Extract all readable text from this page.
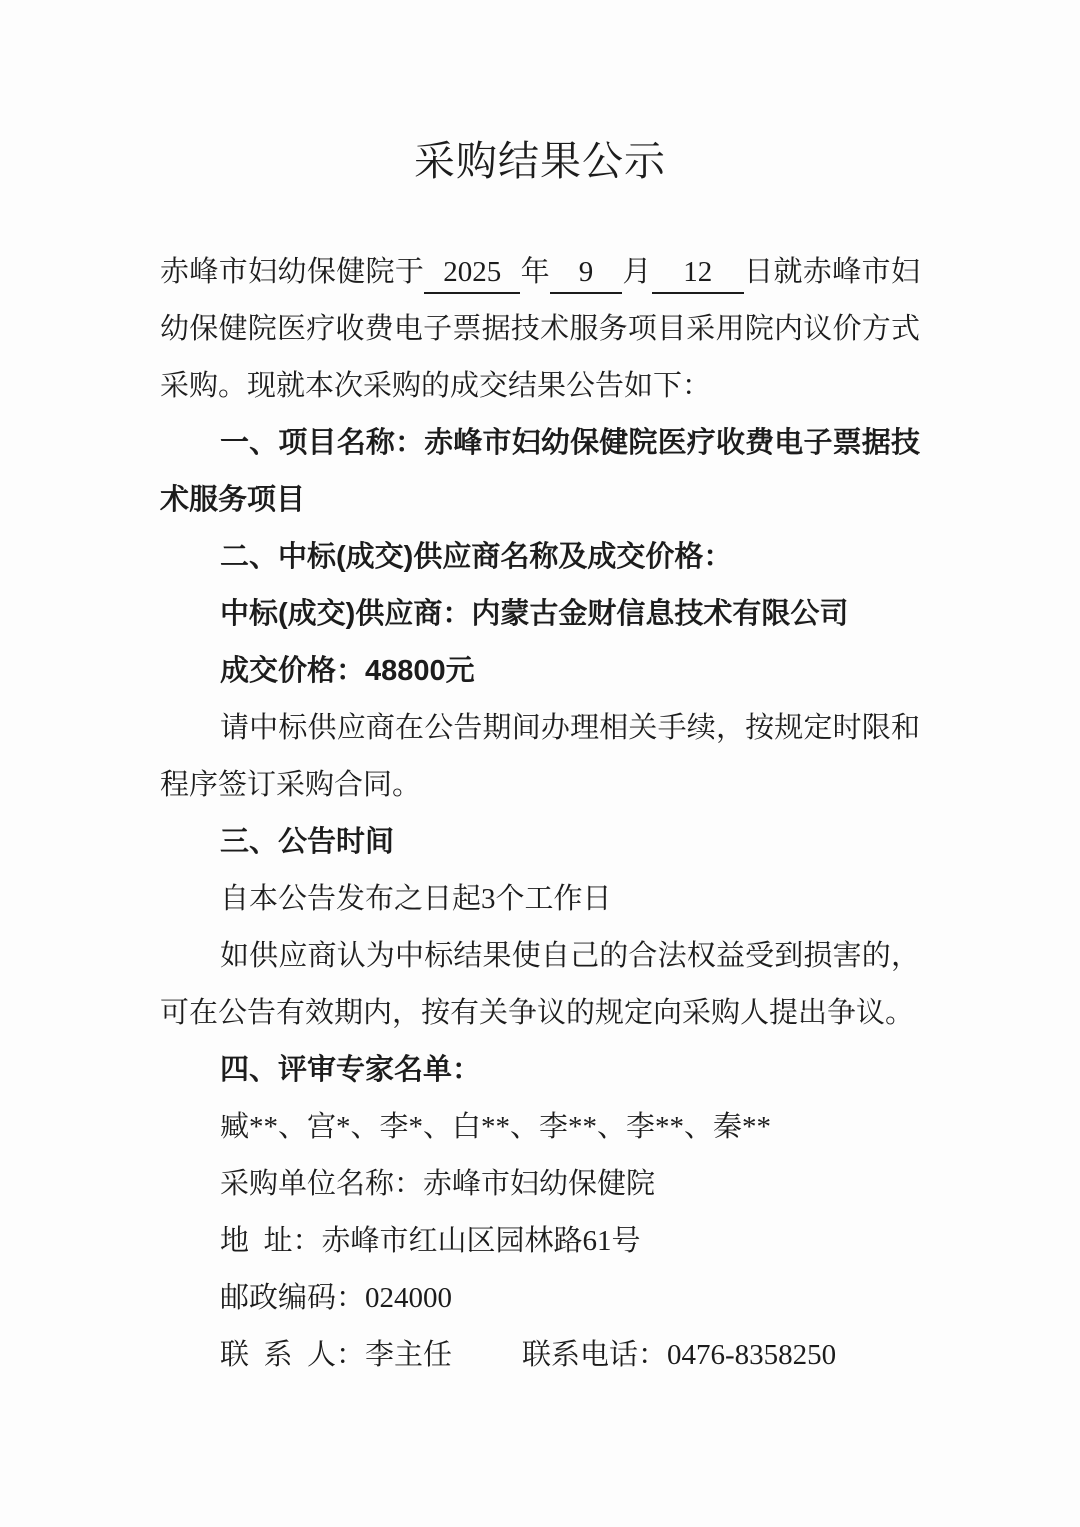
采购结果公示

赤峰市妇幼保健院于 2025 年 9 月 12 日就赤峰市妇幼保健院医疗收费电子票据技术服务项目采用院内议价方式采购。现就本次采购的成交结果公告如下：

一、项目名称：赤峰市妇幼保健院医疗收费电子票据技术服务项目

二、中标(成交)供应商名称及成交价格：

中标(成交)供应商：内蒙古金财信息技术有限公司

成交价格：48800元

请中标供应商在公告期间办理相关手续，按规定时限和程序签订采购合同。

三、公告时间

自本公告发布之日起3个工作日

如供应商认为中标结果使自己的合法权益受到损害的，可在公告有效期内，按有关争议的规定向采购人提出争议。

四、评审专家名单：

臧**、宫*、李*、白**、李**、李**、秦**

采购单位名称：赤峰市妇幼保健院

地  址：赤峰市红山区园林路61号

邮政编码：024000

联  系  人：李主任 联系电话：0476-8358250
